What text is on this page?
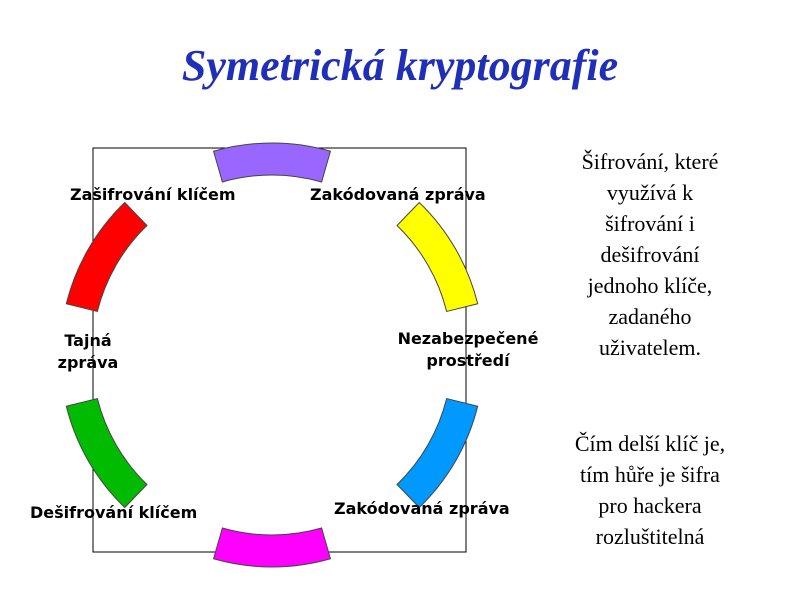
Symetrická kryptografie
Zašifrování klíčem	Zakódovaná zpráva
Nezabezpečené
prostředí
Zakódovaná zpráva
Dešifrování klíčem
Tajná
zpráva
Šifrování, které
využívá k
šifrování i
dešifrování
jednoho klíče,
zadaného
uživatelem.
Čím delší klíč je,
tím hůře je šifra
pro hackera
rozluštitelná
